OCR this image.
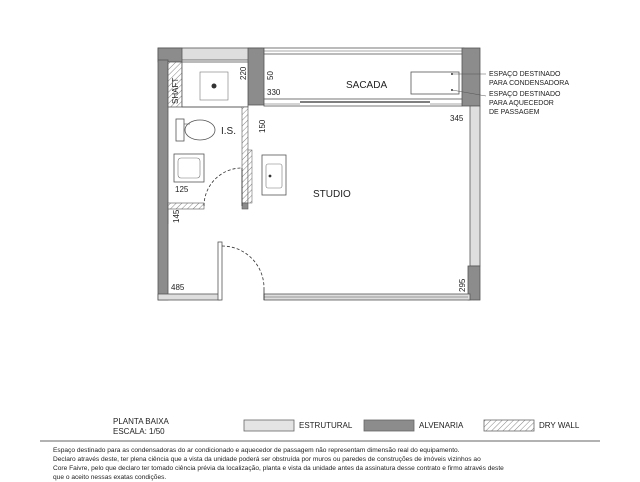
SACADA
STUDIO
I.S.
SHAFT
220 50
330
345
150
125
145
485	295
ESPAÇO DESTINADO
PARA CONDENSADORA
ESPAÇO DESTINADO
PARA AQUECEDOR
DE PASSAGEM
PLANTA BAIXA
ESCALA: 1/50
ESTRUTURAL	ALVENARIA	DRY WALL
Espaço destinado para as condensadoras do ar condicionado e aquecedor de passagem não representam dimensão real do equipamento.
Declaro através deste, ter plena ciência que a vista da unidade poderá ser obstruída por muros ou paredes de construções de imóveis vizinhos ao
Core Faivre, pelo que declaro ter tomado ciência prévia da localização, planta e vista da unidade antes da assinatura desse contrato e firmo através deste
que o aceito nessas exatas condições.
